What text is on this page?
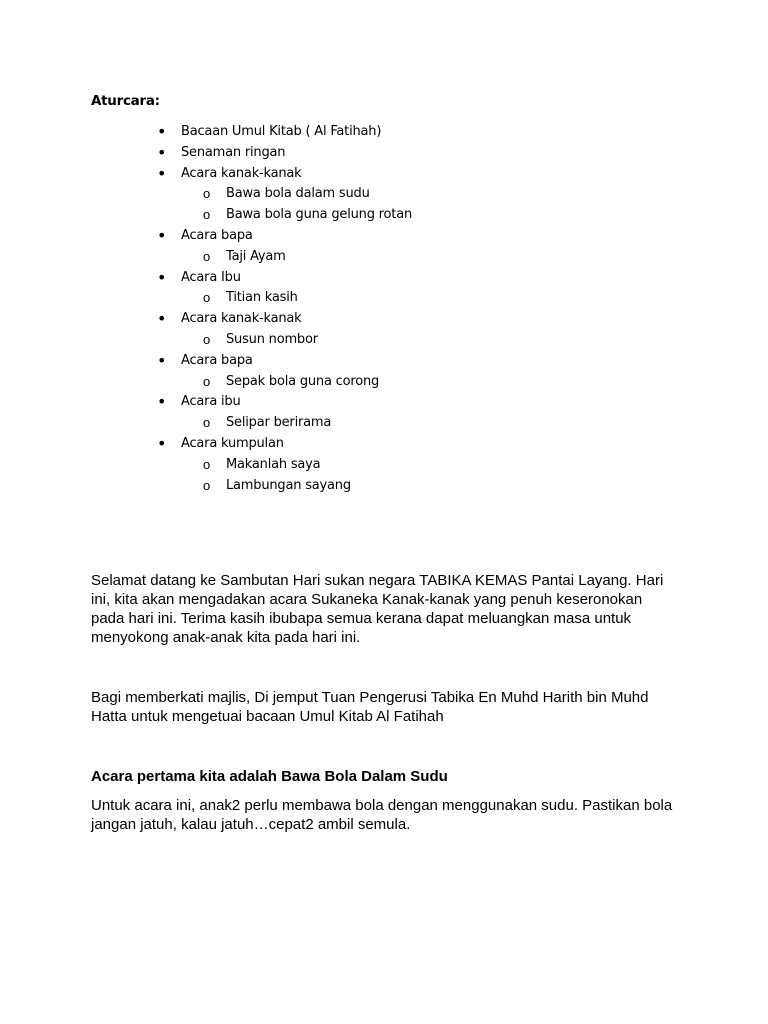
Aturcara:
• Bacaan Umul Kitab ( Al Fatihah)
• Senaman ringan
• Acara kanak-kanak
o Bawa bola dalam sudu
o Bawa bola guna gelung rotan
• Acara bapa
o Taji Ayam
• Acara Ibu
o Titian kasih
• Acara kanak-kanak
o Susun nombor
• Acara bapa
o Sepak bola guna corong
• Acara ibu
o Selipar berirama
• Acara kumpulan
o Makanlah saya
o Lambungan sayang
Selamat datang ke Sambutan Hari sukan negara TABIKA KEMAS Pantai Layang. Hari
ini, kita akan mengadakan acara Sukaneka Kanak-kanak yang penuh keseronokan
pada hari ini. Terima kasih ibubapa semua kerana dapat meluangkan masa untuk
menyokong anak-anak kita pada hari ini.
Bagi memberkati majlis, Di jemput Tuan Pengerusi Tabika En Muhd Harith bin Muhd
Hatta untuk mengetuai bacaan Umul Kitab Al Fatihah
Acara pertama kita adalah Bawa Bola Dalam Sudu
Untuk acara ini, anak2 perlu membawa bola dengan menggunakan sudu. Pastikan bola
jangan jatuh, kalau jatuh…cepat2 ambil semula.
